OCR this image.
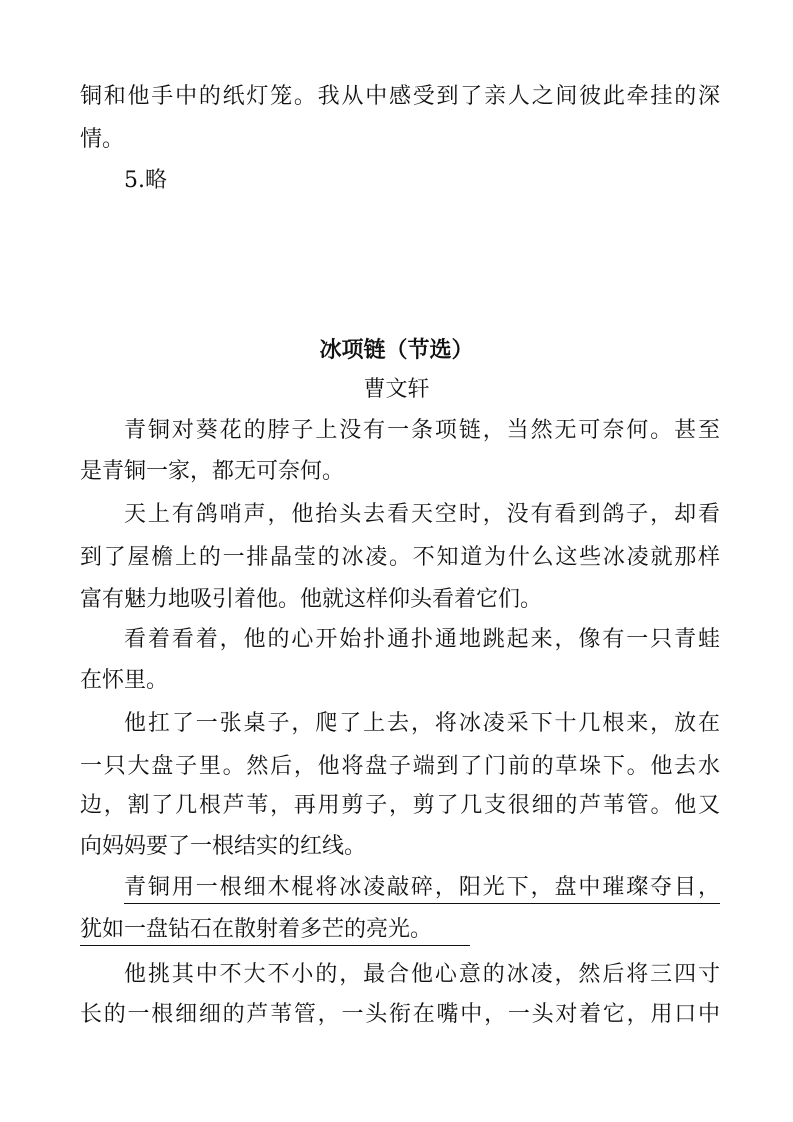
铜和他手中的纸灯笼。我从中感受到了亲人之间彼此牵挂的深
情。
5.略
冰项链（节选）
曹文轩
青铜对葵花的脖子上没有一条项链，当然无可奈何。甚至
是青铜一家，都无可奈何。
天上有鸽哨声，他抬头去看天空时，没有看到鸽子，却看
到了屋檐上的一排晶莹的冰凌。不知道为什么这些冰凌就那样
富有魅力地吸引着他。他就这样仰头看着它们。
看着看着，他的心开始扑通扑通地跳起来，像有一只青蛙
在怀里。
他扛了一张桌子，爬了上去，将冰凌采下十几根来，放在
一只大盘子里。然后，他将盘子端到了门前的草垛下。他去水
边，割了几根芦苇，再用剪子，剪了几支很细的芦苇管。他又
向妈妈要了一根结实的红线。
青铜用一根细木棍将冰凌敲碎，阳光下，盘中璀璨夺目，
犹如一盘钻石在散射着多芒的亮光。
他挑其中不大不小的，最合他心意的冰凌，然后将三四寸
长的一根细细的芦苇管，一头衔在嘴中，一头对着它，用口中
